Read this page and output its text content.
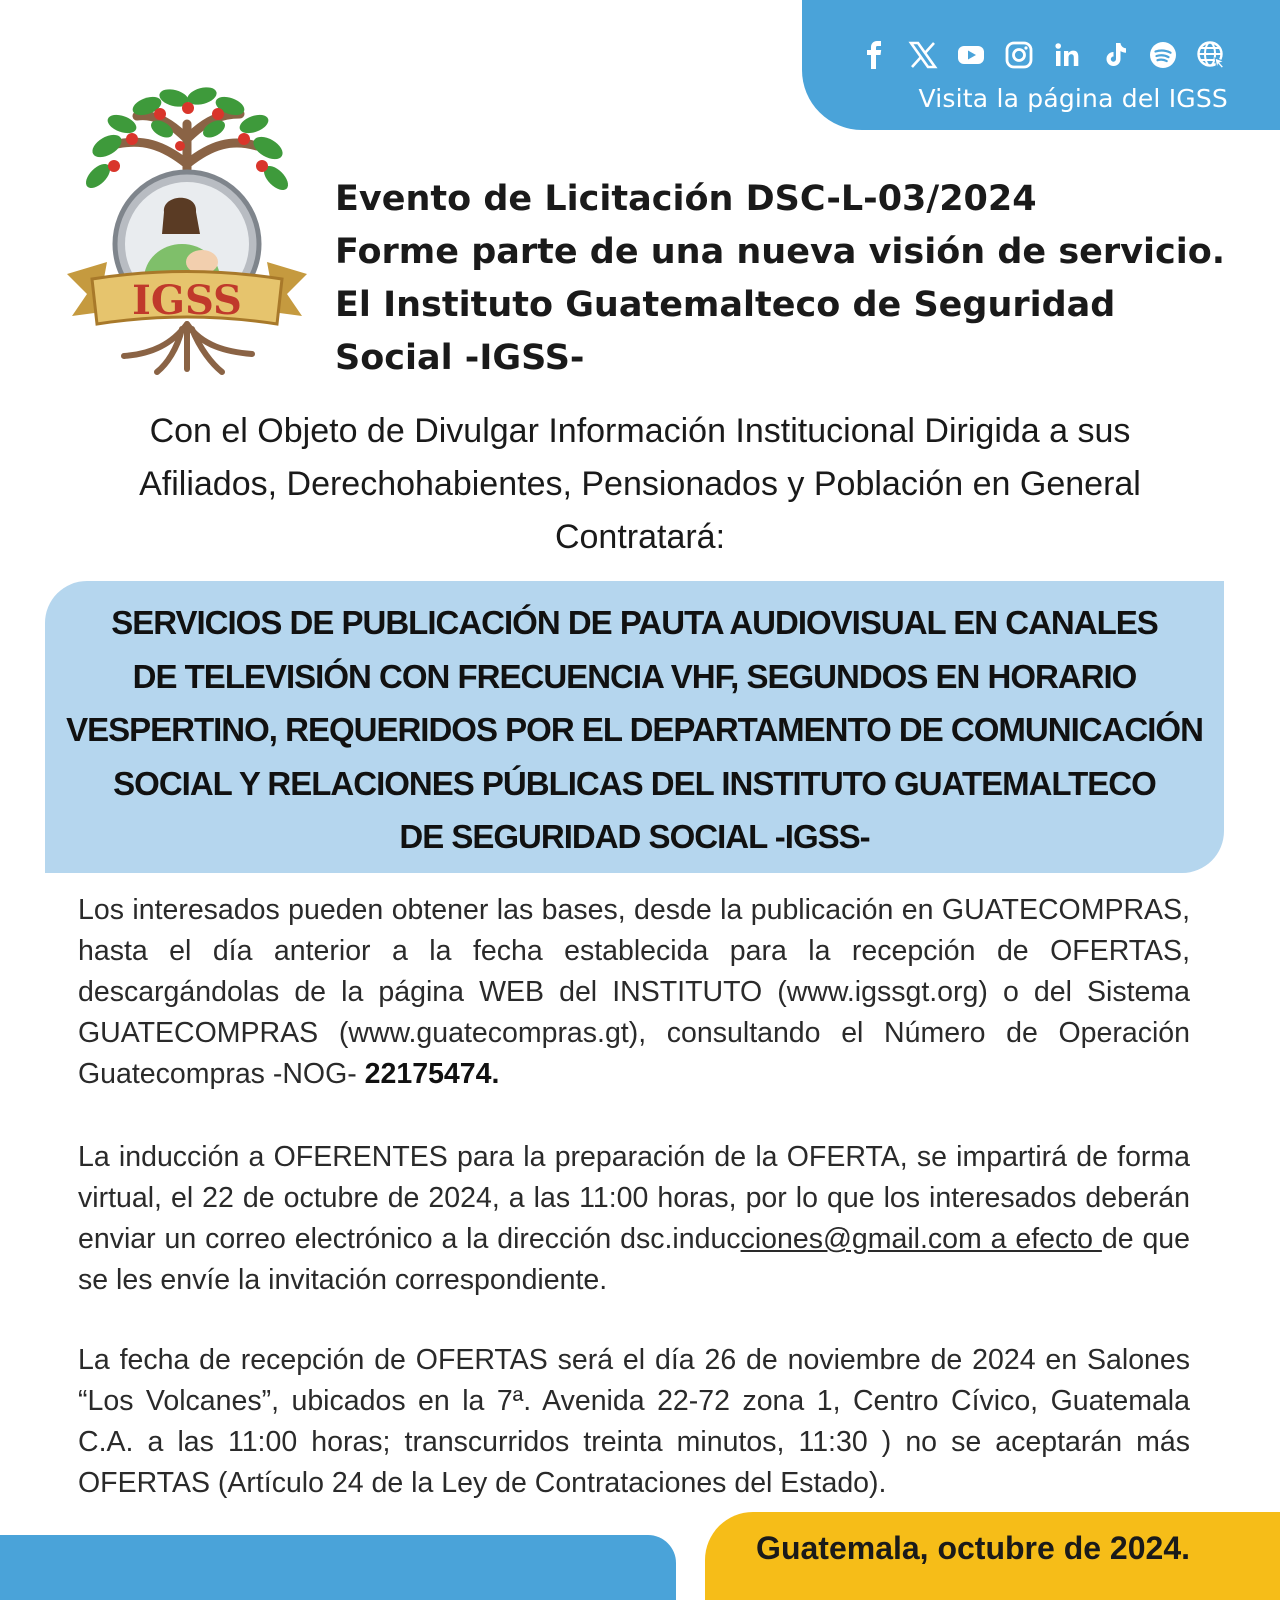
Visita la página del IGSS
IGSS
Evento de Licitación DSC-L-03/2024
Forme parte de una nueva visión de servicio.
El Instituto Guatemalteco de Seguridad
Social -IGSS-
Con el Objeto de Divulgar Información Institucional Dirigida a sus
Afiliados, Derechohabientes, Pensionados y Población en General
Contratará:
SERVICIOS DE PUBLICACIÓN DE PAUTA AUDIOVISUAL EN CANALES
DE TELEVISIÓN CON FRECUENCIA VHF, SEGUNDOS EN HORARIO
VESPERTINO, REQUERIDOS POR EL DEPARTAMENTO DE COMUNICACIÓN
SOCIAL Y RELACIONES PÚBLICAS DEL INSTITUTO GUATEMALTECO
DE SEGURIDAD SOCIAL -IGSS-

Los interesados pueden obtener las bases, desde la publicación en GUATECOMPRAS, hasta el día anterior a la fecha establecida para la recepción de OFERTAS, descargándolas de la página WEB del INSTITUTO (www.igssgt.org) o del Sistema GUATECOMPRAS (www.guatecompras.gt), consultando el Número de Operación Guatecompras -NOG- 22175474.

La inducción a OFERENTES para la preparación de la OFERTA, se impartirá de forma virtual, el 22 de octubre de 2024, a las 11:00 horas, por lo que los interesados deberán enviar un correo electrónico a la dirección dsc.inducciones@gmail.com a efecto de que se les envíe la invitación correspondiente.

La fecha de recepción de OFERTAS será el día 26 de noviembre de 2024 en Salones “Los Volcanes”, ubicados en la 7ª. Avenida 22-72 zona 1, Centro Cívico, Guatemala C.A. a las 11:00 horas; transcurridos treinta minutos, 11:30 ) no se aceptarán más OFERTAS (Artículo 24 de la Ley de Contrataciones del Estado).

Guatemala, octubre de 2024.
